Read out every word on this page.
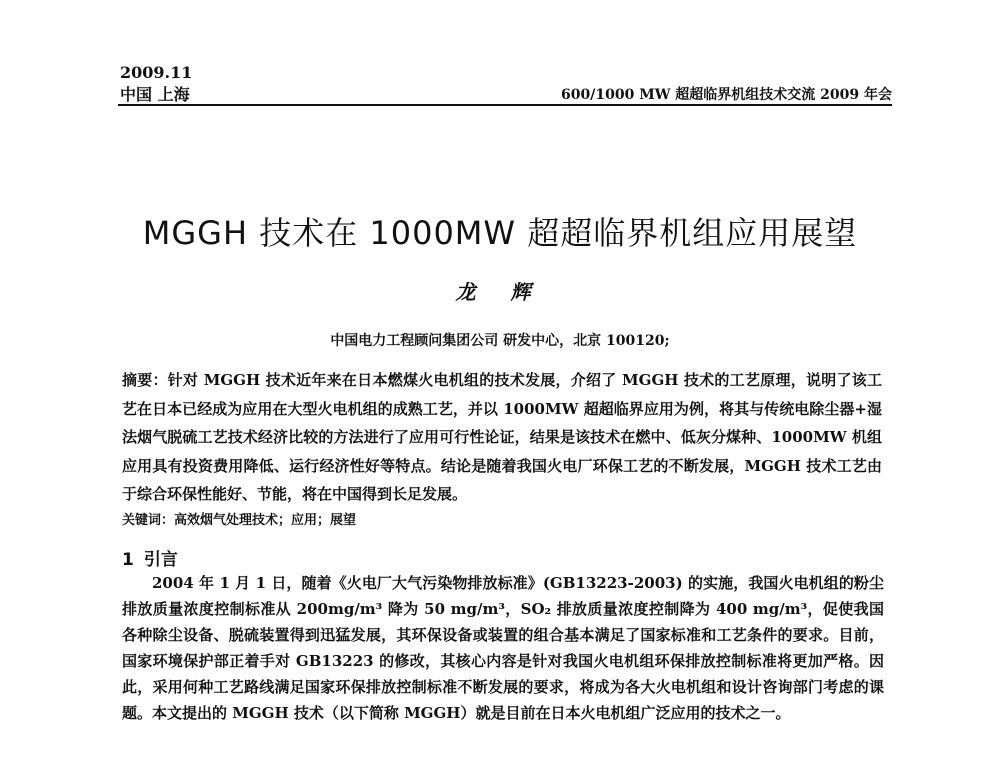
2009.11
中国 上海	600/1000 MW 超超临界机组技术交流 2009 年会
MGGH 技术在 1000MW 超超临界机组应用展望
龙 辉
中国电力工程顾问集团公司 研发中心，北京 100120;

摘要：针对 MGGH 技术近年来在日本燃煤火电机组的技术发展，介绍了 MGGH 技术的工艺原理，说明了该工艺在日本已经成为应用在大型火电机组的成熟工艺，并以 1000MW 超超临界应用为例，将其与传统电除尘器+湿法烟气脱硫工艺技术经济比较的方法进行了应用可行性论证，结果是该技术在燃中、低灰分煤种、1000MW 机组应用具有投资费用降低、运行经济性好等特点。结论是随着我国火电厂环保工艺的不断发展，MGGH 技术工艺由于综合环保性能好、节能，将在中国得到长足发展。

关键词：高效烟气处理技术；应用；展望
1 引言

2004 年 1 月 1 日，随着《火电厂大气污染物排放标准》(GB13223-2003) 的实施，我国火电机组的粉尘排放质量浓度控制标准从 200mg/m³ 降为 50 mg/m³，SO₂ 排放质量浓度控制降为 400 mg/m³，促使我国各种除尘设备、脱硫装置得到迅猛发展，其环保设备或装置的组合基本满足了国家标准和工艺条件的要求。目前，国家环境保护部正着手对 GB13223 的修改，其核心内容是针对我国火电机组环保排放控制标准将更加严格。因此，采用何种工艺路线满足国家环保排放控制标准不断发展的要求，将成为各大火电机组和设计咨询部门考虑的课题。本文提出的 MGGH 技术（以下简称 MGGH）就是目前在日本火电机组广泛应用的技术之一。
